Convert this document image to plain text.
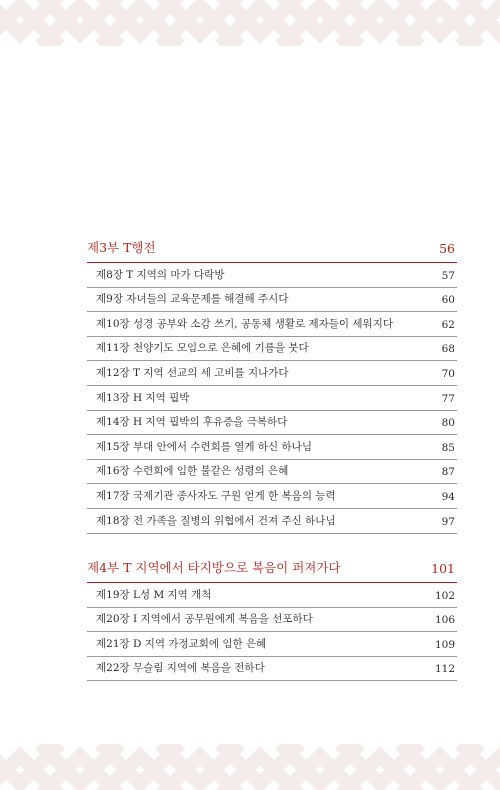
제3부 T행전	56
제8장 T 지역의 마가 다락방	57
제9장 자녀들의 교육문제를 해결해 주시다	60
제10장 성경 공부와 소감 쓰기, 공동체 생활로 제자들이 세워지다	62
제11장 천양기도 모임으로 은혜에 기름을 붓다	68
제12장 T 지역 선교의 세 고비를 지나가다	70
제13장 H 지역 핍박	77
제14장 H 지역 핍박의 후유증을 극복하다	80
제15장 부대 안에서 수련회를 열게 하신 하나님	85
제16장 수련회에 임한 불같은 성령의 은혜	87
제17장 국제기관 종사자도 구원 얻게 한 복음의 능력	94
제18장 전 가족을 질병의 위협에서 건져 주신 하나님	97
제4부 T 지역에서 타지방으로 복음이 퍼져가다	101
제19장 L성 M 지역 개척	102
제20장 I 지역에서 공무원에게 복음을 선포하다	106
제21장 D 지역 가정교회에 임한 은혜	109
제22장 무슬림 지역에 복음을 전하다	112
